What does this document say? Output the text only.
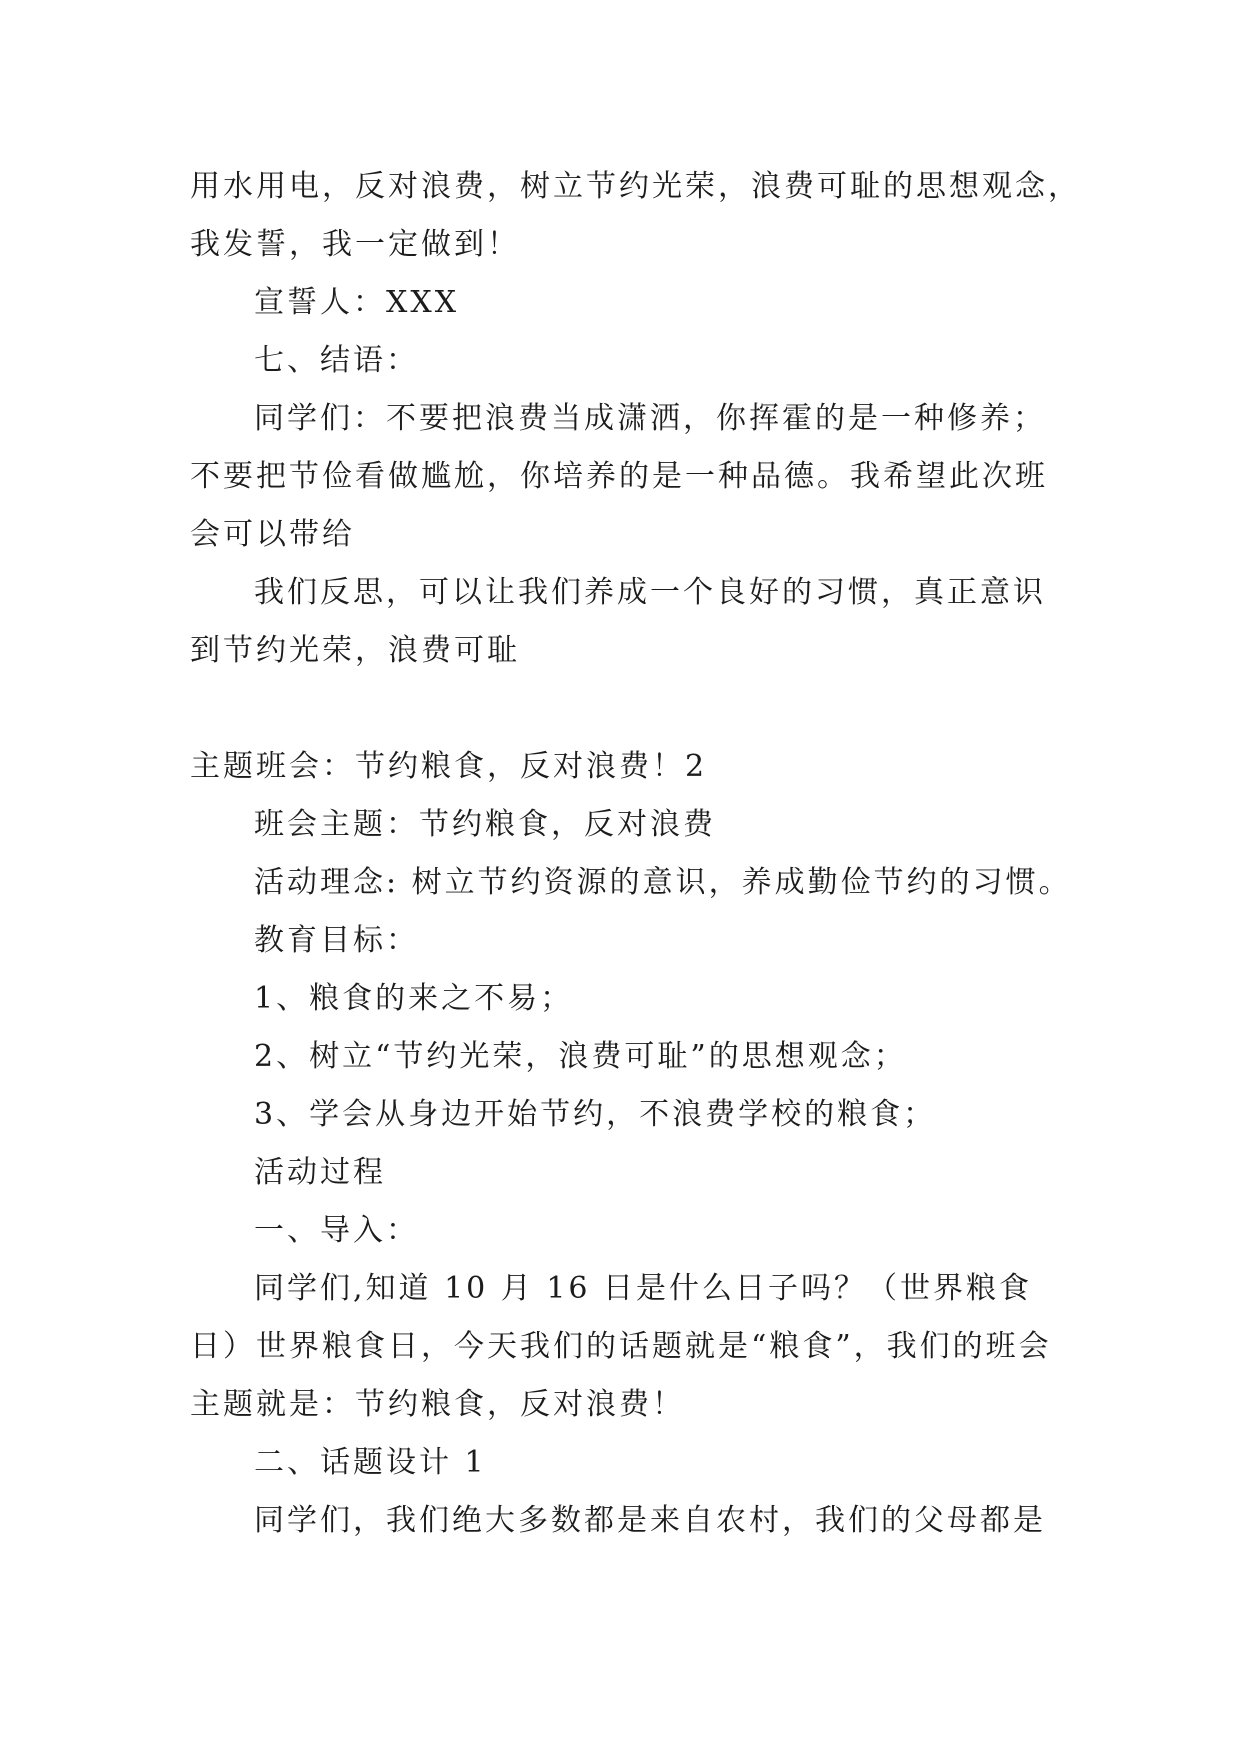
用水用电，反对浪费，树立节约光荣，浪费可耻的思想观念，

我发誓，我一定做到！

宣誓人：XXX

七、结语：

同学们：不要把浪费当成潇洒，你挥霍的是一种修养；不要把节俭看做尴尬，你培养的是一种品德。我希望此次班会可以带给

我们反思，可以让我们养成一个良好的习惯，真正意识到节约光荣，浪费可耻

主题班会：节约粮食，反对浪费！2

班会主题：节约粮食，反对浪费

活动理念: 树立节约资源的意识，养成勤俭节约的习惯。

教育目标：

1、粮食的来之不易；

2、树立“节约光荣，浪费可耻”的思想观念；

3、学会从身边开始节约，不浪费学校的粮食；

活动过程

一、导入：

同学们,知道 10 月 16 日是什么日子吗？（世界粮食日）世界粮食日，今天我们的话题就是“粮食”，我们的班会主题就是：节约粮食，反对浪费！

二、话题设计 1

同学们，我们绝大多数都是来自农村，我们的父母都是
